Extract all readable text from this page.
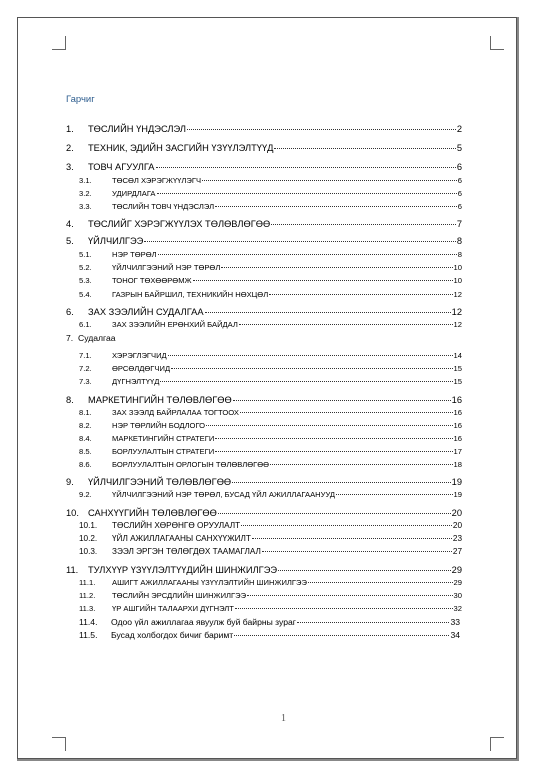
Гарчиг
1.	ТӨСЛИЙН ҮНДЭСЛЭЛ	2
2.	ТЕХНИК, ЭДИЙН ЗАСГИЙН ҮЗҮҮЛЭЛТҮҮД	5
3.	ТОВЧ АГУУЛГА	6
3.1.	ТӨСӨЛ ХЭРЭГЖҮҮЛЭГЧ	6
3.2.	УДИРДЛАГА	6
3.3.	ТӨСЛИЙН ТОВЧ ҮНДЭСЛЭЛ	6
4.	ТӨСЛИЙГ ХЭРЭГЖҮҮЛЭХ ТӨЛӨВЛӨГӨӨ	7
5.	ҮЙЛЧИЛГЭЭ	8
5.1.	НЭР ТӨРӨЛ	8
5.2.	ҮЙЛЧИЛГЭЭНИЙ НЭР ТӨРӨЛ	10
5.3.	ТОНОГ ТӨХӨӨРӨМЖ	10
5.4.	ГАЗРЫН БАЙРШИЛ, ТЕХНИКИЙН НӨХЦӨЛ	12
6.	ЗАХ ЗЭЭЛИЙН СУДАЛГАА	12
6.1.	ЗАХ ЗЭЭЛИЙН ЕРӨНХИЙ БАЙДАЛ	12
7. Судалгаа
7.1.	ХЭРЭГЛЭГЧИД	14
7.2.	ӨРСӨЛДӨГЧИД	15
7.3.	ДҮГНЭЛТҮҮД	15
8.	МАРКЕТИНГИЙН ТӨЛӨВЛӨГӨӨ	16
8.1.	ЗАХ ЗЭЭЛД БАЙРЛАЛАА ТОГТООХ	16
8.2.	НЭР ТӨРЛИЙН БОДЛОГО	16
8.4.	МАРКЕТИНГИЙН СТРАТЕГИ	16
8.5.	БОРЛУУЛАЛТЫН СТРАТЕГИ	17
8.6.	БОРЛУУЛАЛТЫН ОРЛОГЫН ТӨЛӨВЛӨГӨӨ	18
9.	ҮЙЛЧИЛГЭЭНИЙ ТӨЛӨВЛӨГӨӨ	19
9.2.	ҮЙЛЧИЛГЭЭНИЙ НЭР ТӨРӨЛ, БУСАД ҮЙЛ АЖИЛЛАГААНУУД	19
10. САНХҮҮГИЙН ТӨЛӨВЛӨГӨӨ	20
10.1.	ТӨСЛИЙН ХӨРӨНГӨ ОРУУЛАЛТ	20
10.2.	ҮЙЛ АЖИЛЛАГААНЫ САНХҮҮЖИЛТ	23
10.3.	ЗЭЭЛ ЭРГЭН ТӨЛӨГДӨХ ТААМАГЛАЛ	27
11.	ТУЛХҮҮР ҮЗҮҮЛЭЛТҮҮДИЙН ШИНЖИЛГЭЭ	29
11.1.	АШИГТ АЖИЛЛАГААНЫ ҮЗҮҮЛЭЛТИЙН ШИНЖИЛГЭЭ	29
11.2.	ТӨСЛИЙН ЭРСДЛИЙН ШИНЖИЛГЭЭ	30
11.3.	ҮР АШГИЙН ТАЛААРХИ ДҮГНЭЛТ	32
11.4.	Одоо үйл ажиллагаа явуулж буй байрны зураг	33
11.5.	Бусад холбогдох бичиг баримт	34
1
